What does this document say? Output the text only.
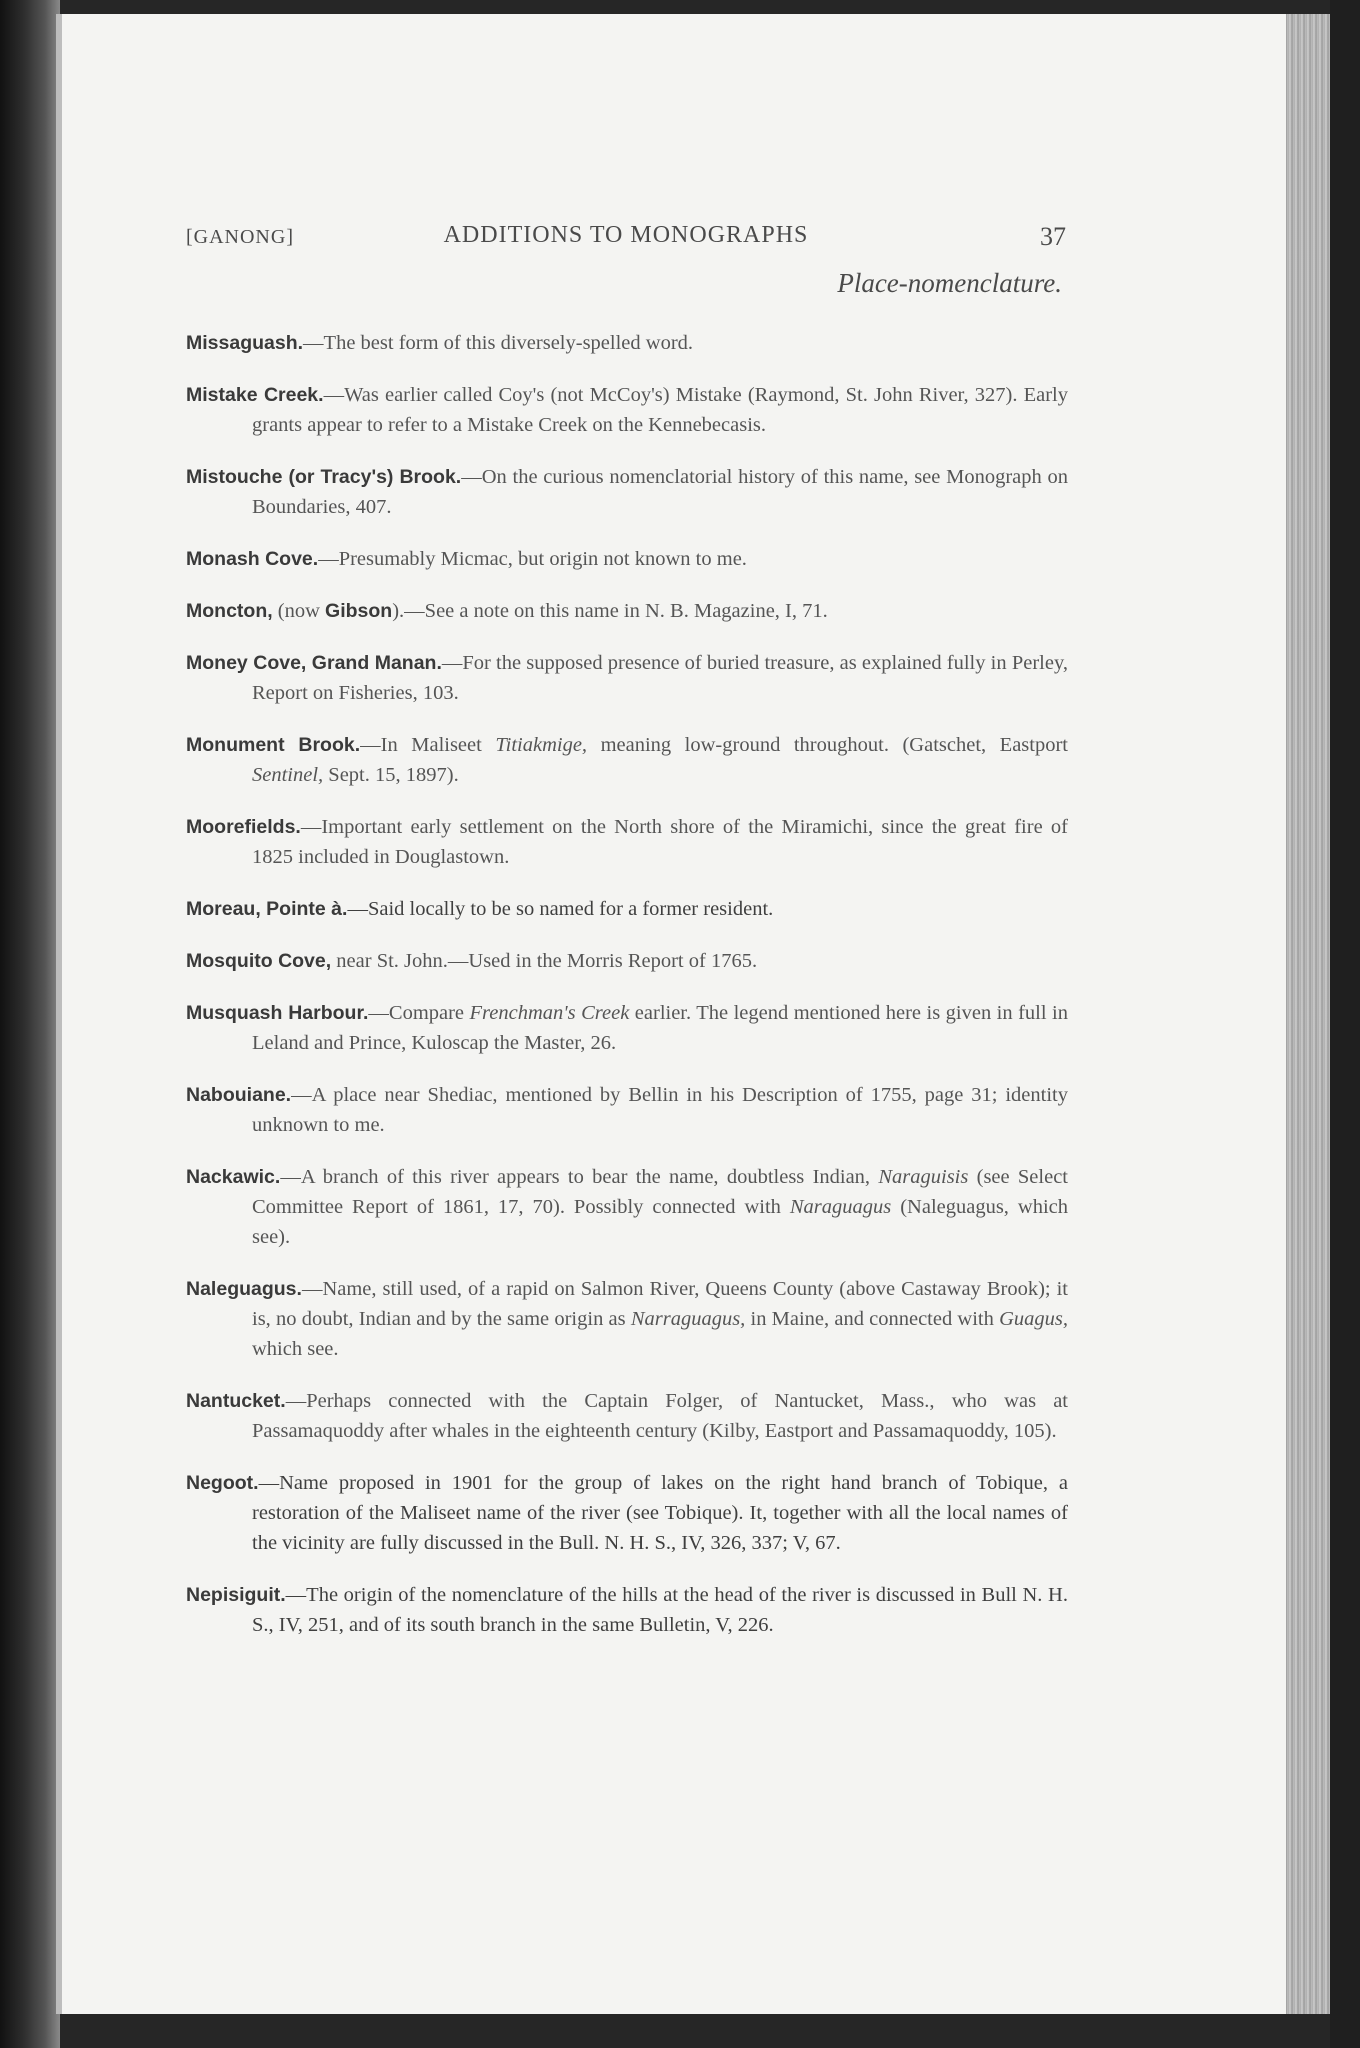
[GANONG]	ADDITIONS TO MONOGRAPHS	37
Place-nomenclature.

Missaguash.—The best form of this diversely-spelled word.

Mistake Creek.—Was earlier called Coy's (not McCoy's) Mistake (Raymond, St. John River, 327). Early grants appear to refer to a Mistake Creek on the Kennebecasis.

Mistouche (or Tracy's) Brook.—On the curious nomenclatorial history of this name, see Monograph on Boundaries, 407.

Monash Cove.—Presumably Micmac, but origin not known to me.

Moncton, (now Gibson).—See a note on this name in N. B. Magazine, I, 71.

Money Cove, Grand Manan.—For the supposed presence of buried treasure, as explained fully in Perley, Report on Fisheries, 103.

Monument Brook.—In Maliseet Titiakmige, meaning low-ground throughout. (Gatschet, Eastport Sentinel, Sept. 15, 1897).

Moorefields.—Important early settlement on the North shore of the Miramichi, since the great fire of 1825 included in Douglastown.

Moreau, Pointe à.—Said locally to be so named for a former resident.

Mosquito Cove, near St. John.—Used in the Morris Report of 1765.

Musquash Harbour.—Compare Frenchman's Creek earlier. The legend mentioned here is given in full in Leland and Prince, Kuloscap the Master, 26.

Nabouiane.—A place near Shediac, mentioned by Bellin in his Description of 1755, page 31; identity unknown to me.

Nackawic.—A branch of this river appears to bear the name, doubtless Indian, Naraguisis (see Select Committee Report of 1861, 17, 70). Possibly connected with Naraguagus (Naleguagus, which see).

Naleguagus.—Name, still used, of a rapid on Salmon River, Queens County (above Castaway Brook); it is, no doubt, Indian and by the same origin as Narraguagus, in Maine, and connected with Guagus, which see.

Nantucket.—Perhaps connected with the Captain Folger, of Nantucket, Mass., who was at Passamaquoddy after whales in the eighteenth century (Kilby, Eastport and Passamaquoddy, 105).

Negoot.—Name proposed in 1901 for the group of lakes on the right hand branch of Tobique, a restoration of the Maliseet name of the river (see Tobique). It, together with all the local names of the vicinity are fully discussed in the Bull. N. H. S., IV, 326, 337; V, 67.

Nepisiguit.—The origin of the nomenclature of the hills at the head of the river is discussed in Bull N. H. S., IV, 251, and of its south branch in the same Bulletin, V, 226.
